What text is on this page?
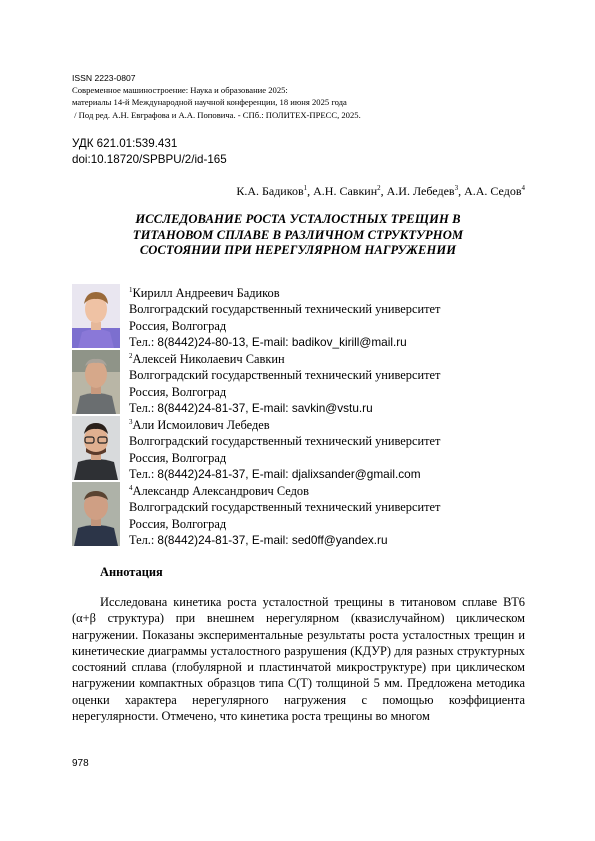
ISSN 2223-0807
Современное машиностроение: Наука и образование 2025:
материалы 14-й Международной научной конференции, 18 июня 2025 года
/ Под ред. А.Н. Евграфова и А.А. Поповича. - СПб.: ПОЛИТЕХ-ПРЕСС, 2025.
УДК 621.01:539.431
doi:10.18720/SPBPU/2/id-165
К.А. Бадиков$^1$, А.Н. Савкин$^2$, А.И. Лебедев$^3$, А.А. Седов$^4$
ИССЛЕДОВАНИЕ РОСТА УСТАЛОСТНЫХ ТРЕЩИН В
ТИТАНОВОМ СПЛАВЕ В РАЗЛИЧНОМ СТРУКТУРНОМ
СОСТОЯНИИ ПРИ НЕРЕГУЛЯРНОМ НАГРУЖЕНИИ
$^1$Кирилл Андреевич Бадиков
Волгоградский государственный технический университет
Россия, Волгоград
Тел.: 8(8442)24-80-13, E-mail: badikov_kirill@mail.ru
$^2$Алексей Николаевич Савкин
Волгоградский государственный технический университет
Россия, Волгоград
Тел.: 8(8442)24-81-37, E-mail: savkin@vstu.ru
$^3$Али Исмоилович Лебедев
Волгоградский государственный технический университет
Россия, Волгоград
Тел.: 8(8442)24-81-37, E-mail: djalixsander@gmail.com
$^4$Александр Александрович Седов
Волгоградский государственный технический университет
Россия, Волгоград
Тел.: 8(8442)24-81-37, E-mail: sed0ff@yandex.ru
Аннотация

Исследована кинетика роста усталостной трещины в титановом сплаве ВТ6 (α+β структура) при внешнем нерегулярном (квазислучайном) циклическом нагружении. Показаны экспериментальные результаты роста усталостных трещин и кинетические диаграммы усталостного разрушения (КДУР) для разных структурных состояний сплава (глобулярной и пластинчатой микроструктуре) при циклическом нагружении компактных образцов типа С(Т) толщиной 5 мм. Предложена методика оценки характера нерегулярного нагружения с помощью коэффициента нерегулярности. Отмечено, что кинетика роста трещины во многом

978
